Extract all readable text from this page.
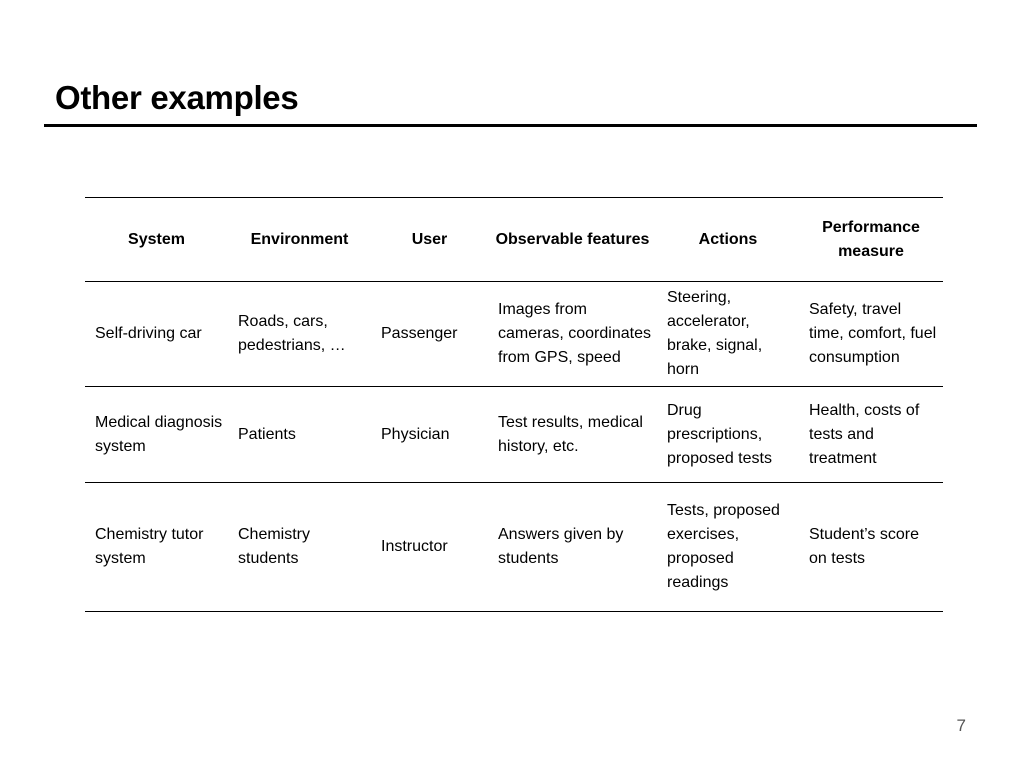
Other examples
System	Environment	User	Observable features	Actions	Performance measure
Self-driving car	Roads, cars, pedestrians, …	Passenger	Images from cameras, coordinates from GPS, speed	Steering, accelerator, brake, signal, horn	Safety, travel time, comfort, fuel consumption
Medical diagnosis system	Patients	Physician	Test results, medical history, etc.	Drug prescriptions, proposed tests	Health, costs of tests and treatment
Chemistry tutor system	Chemistry students	Instructor	Answers given by students	Tests, proposed exercises, proposed readings	Student’s score on tests
7
